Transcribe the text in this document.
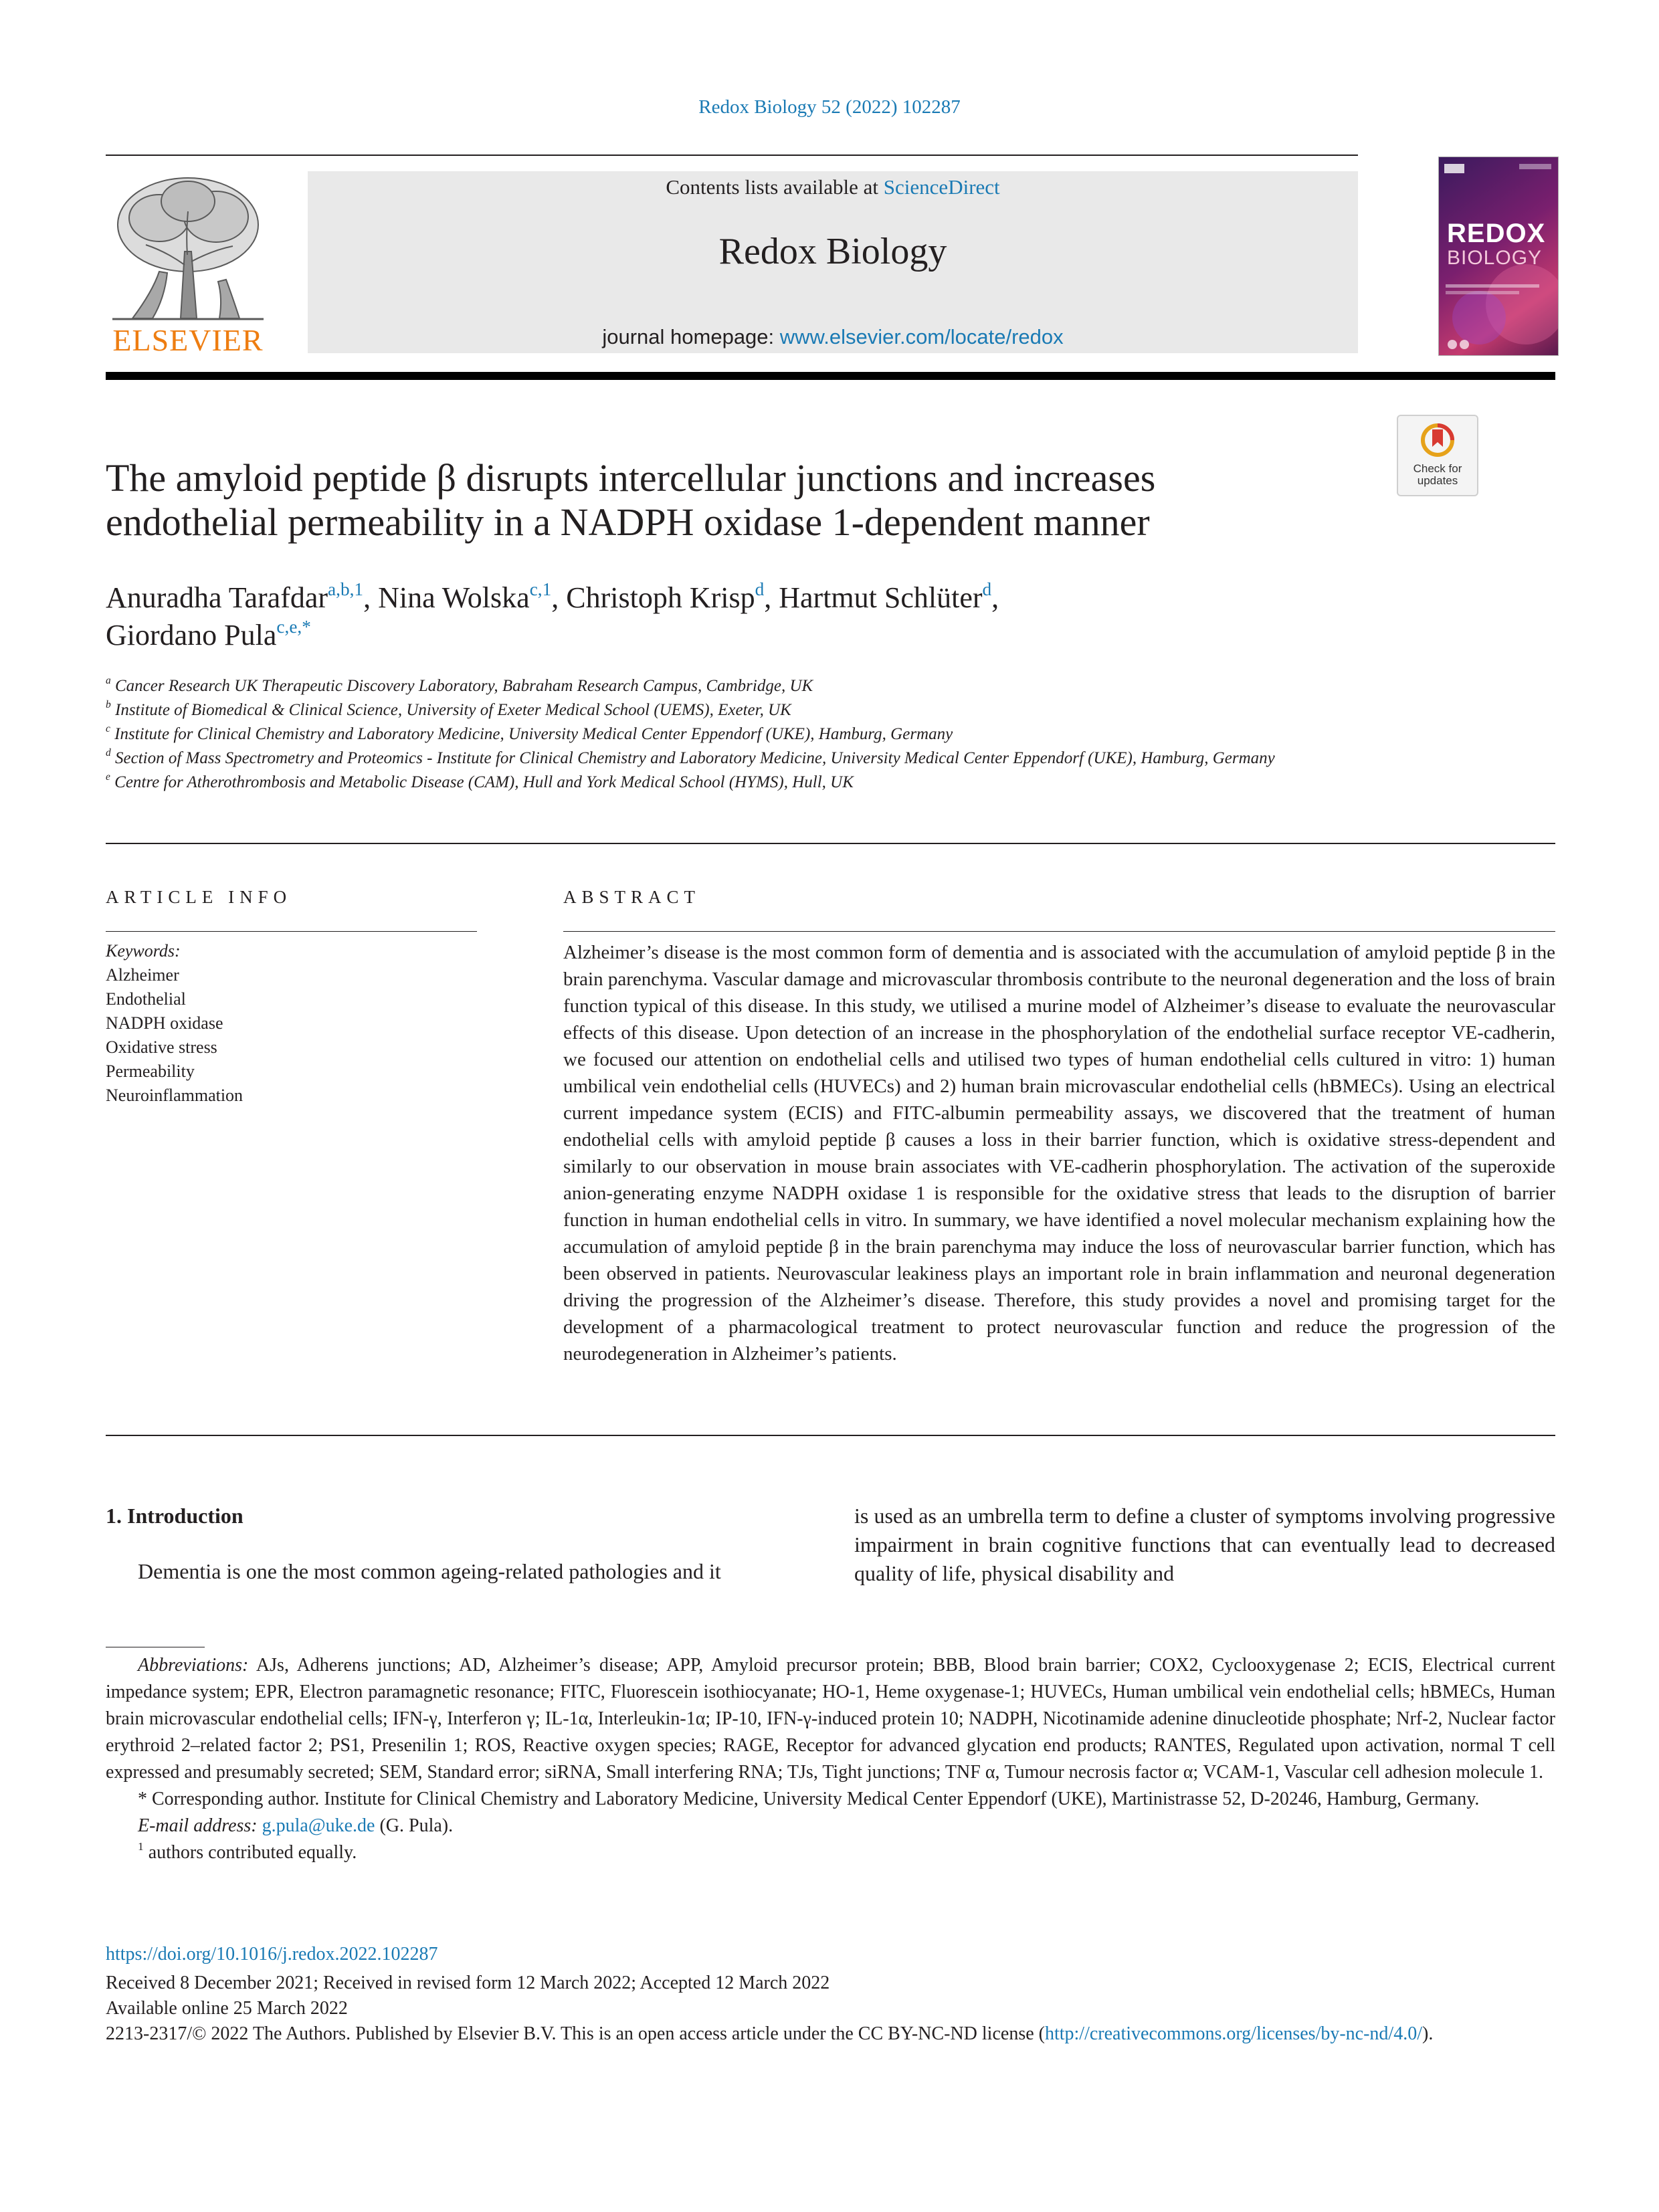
Redox Biology 52 (2022) 102287
ELSEVIER
Contents lists available at ScienceDirect
Redox Biology
journal homepage: www.elsevier.com/locate/redox
REDOX
BIOLOGY
Check for updates
The amyloid peptide β disrupts intercellular junctions and increases
endothelial permeability in a NADPH oxidase 1-dependent manner
Anuradha Tarafdar$^{a,b,1}$, Nina Wolska$^{c,1}$, Christoph Krisp$^d$, Hartmut Schlüter$^d$,
Giordano Pula$^{c,e,*}$
$^a$ Cancer Research UK Therapeutic Discovery Laboratory, Babraham Research Campus, Cambridge, UK
$^b$ Institute of Biomedical & Clinical Science, University of Exeter Medical School (UEMS), Exeter, UK
$^c$ Institute for Clinical Chemistry and Laboratory Medicine, University Medical Center Eppendorf (UKE), Hamburg, Germany
$^d$ Section of Mass Spectrometry and Proteomics - Institute for Clinical Chemistry and Laboratory Medicine, University Medical Center Eppendorf (UKE), Hamburg, Germany
$^e$ Centre for Atherothrombosis and Metabolic Disease (CAM), Hull and York Medical School (HYMS), Hull, UK
ARTICLE INFO
Keywords:
Alzheimer
Endothelial
NADPH oxidase
Oxidative stress
Permeability
Neuroinflammation
ABSTRACT
Alzheimer’s disease is the most common form of dementia and is associated with the accumulation of amyloid peptide β in the brain parenchyma. Vascular damage and microvascular thrombosis contribute to the neuronal degeneration and the loss of brain function typical of this disease. In this study, we utilised a murine model of Alzheimer’s disease to evaluate the neurovascular effects of this disease. Upon detection of an increase in the phosphorylation of the endothelial surface receptor VE-cadherin, we focused our attention on endothelial cells and utilised two types of human endothelial cells cultured in vitro: 1) human umbilical vein endothelial cells (HUVECs) and 2) human brain microvascular endothelial cells (hBMECs). Using an electrical current impedance system (ECIS) and FITC-albumin permeability assays, we discovered that the treatment of human endothelial cells with amyloid peptide β causes a loss in their barrier function, which is oxidative stress-dependent and similarly to our observation in mouse brain associates with VE-cadherin phosphorylation. The activation of the superoxide anion-generating enzyme NADPH oxidase 1 is responsible for the oxidative stress that leads to the disruption of barrier function in human endothelial cells in vitro. In summary, we have identified a novel molecular mechanism explaining how the accumulation of amyloid peptide β in the brain parenchyma may induce the loss of neurovascular barrier function, which has been observed in patients. Neurovascular leakiness plays an important role in brain inflammation and neuronal degeneration driving the progression of the Alzheimer’s disease. Therefore, this study provides a novel and promising target for the development of a pharmacological treatment to protect neurovascular function and reduce the progression of the neurodegeneration in Alzheimer’s patients.
1. Introduction
Dementia is one the most common ageing-related pathologies and it
is used as an umbrella term to define a cluster of symptoms involving progressive impairment in brain cognitive functions that can eventually lead to decreased quality of life, physical disability and
Abbreviations: AJs, Adherens junctions; AD, Alzheimer’s disease; APP, Amyloid precursor protein; BBB, Blood brain barrier; COX2, Cyclooxygenase 2; ECIS, Electrical current impedance system; EPR, Electron paramagnetic resonance; FITC, Fluorescein isothiocyanate; HO-1, Heme oxygenase-1; HUVECs, Human umbilical vein endothelial cells; hBMECs, Human brain microvascular endothelial cells; IFN-γ, Interferon γ; IL-1α, Interleukin-1α; IP-10, IFN-γ-induced protein 10; NADPH, Nicotinamide adenine dinucleotide phosphate; Nrf-2, Nuclear factor erythroid 2–related factor 2; PS1, Presenilin 1; ROS, Reactive oxygen species; RAGE, Receptor for advanced glycation end products; RANTES, Regulated upon activation, normal T cell expressed and presumably secreted; SEM, Standard error; siRNA, Small interfering RNA; TJs, Tight junctions; TNF α, Tumour necrosis factor α; VCAM-1, Vascular cell adhesion molecule 1.
* Corresponding author. Institute for Clinical Chemistry and Laboratory Medicine, University Medical Center Eppendorf (UKE), Martinistrasse 52, D-20246, Hamburg, Germany.
E-mail address: g.pula@uke.de (G. Pula).
$^1$ authors contributed equally.
https://doi.org/10.1016/j.redox.2022.102287
Received 8 December 2021; Received in revised form 12 March 2022; Accepted 12 March 2022
Available online 25 March 2022
2213-2317/© 2022 The Authors. Published by Elsevier B.V. This is an open access article under the CC BY-NC-ND license (http://creativecommons.org/licenses/by-nc-nd/4.0/).
